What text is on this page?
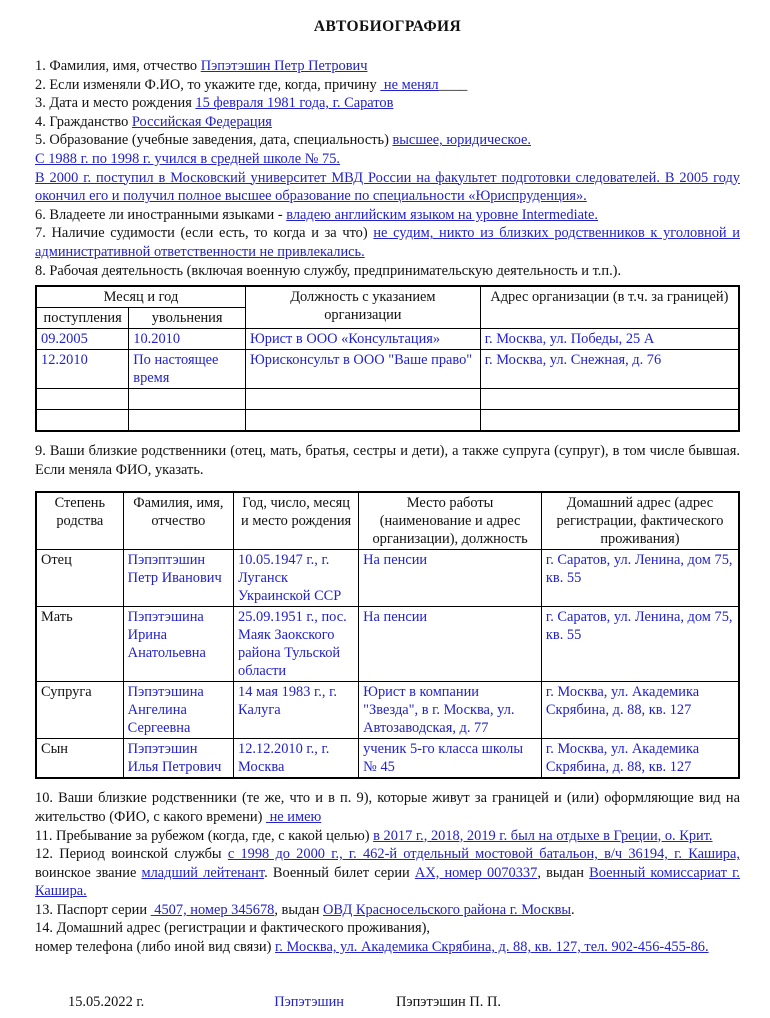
АВТОБИОГРАФИЯ

1. Фамилия, имя, отчество Пэпэтэшин Петр Петрович

2. Если изменяли Ф.ИО, то укажите где, когда, причину  не менял____

3. Дата и место рождения 15 февраля 1981 года, г. Саратов

4. Гражданство Российская Федерация

5. Образование (учебные заведения, дата, специальность) высшее, юридическое.

С 1988 г. по 1998 г. учился в средней школе № 75.

В 2000 г. поступил в Московский университет МВД России на факультет подготовки следователей. В 2005 году окончил его и получил полное высшее образование по специальности «Юриспруденция».

6. Владеете ли иностранными языками - владею английским языком на уровне Intermediate.

7. Наличие судимости (если есть, то когда и за что) не судим, никто из близких родственников к уголовной и административной ответственности не привлекались.

8. Рабочая деятельность (включая военную службу, предпринимательскую деятельность и т.п.).

Месяц и год		Должность с указанием организации	Адрес организации (в т.ч. за границей)
поступления	увольнения		
09.2005	10.2010	Юрист в ООО «Консультация»	г. Москва, ул. Победы, 25 А
12.2010	По настоящее время	Юрисконсульт в ООО "Ваше право"	г. Москва, ул. Снежная, д. 76

9. Ваши близкие родственники (отец, мать, братья, сестры и дети), а также супруга (супруг), в том числе бывшая. Если меняла ФИО, указать.

Степень родства	Фамилия, имя, отчество	Год, число, месяц и место рождения	Место работы (наименование и адрес организации), должность	Домашний адрес (адрес регистрации, фактического проживания)
Отец	Пэпэптэшин Петр Иванович	10.05.1947 г., г. Луганск Украинской ССР	На пенсии	г. Саратов, ул. Ленина, дом 75, кв. 55
Мать	Пэпэтэшина Ирина Анатольевна	25.09.1951 г., пос. Маяк Заокского района Тульской области	На пенсии	г. Саратов, ул. Ленина, дом 75, кв. 55
Супруга	Пэпэтэшина Ангелина Сергеевна	14 мая 1983 г., г. Калуга	Юрист в компании "Звезда", в г. Москва, ул. Автозаводская, д. 77	г. Москва, ул. Академика Скрябина, д. 88, кв. 127
Сын	Пэпэтэшин Илья Петрович	12.12.2010 г., г. Москва	ученик 5-го класса школы № 45	г. Москва, ул. Академика Скрябина, д. 88, кв. 127

10. Ваши близкие родственники (те же, что и в п. 9), которые живут за границей и (или) оформляющие вид на жительство (ФИО, с какого времени)  не имею

11. Пребывание за рубежом (когда, где, с какой целью) в 2017 г., 2018, 2019 г. был на отдыхе в Греции, о. Крит.

12. Период воинской службы с 1998 до 2000 г., г. 462-й отдельный мостовой батальон, в/ч 36194, г. Кашира, воинское звание младший лейтенант. Военный билет серии АХ, номер 0070337, выдан Военный комиссариат г. Кашира.

13. Паспорт серии  4507, номер 345678, выдан ОВД Красносельского района г. Москвы.

14. Домашний адрес (регистрации и фактического проживания),

номер телефона (либо иной вид связи) г. Москва, ул. Академика Скрябина, д. 88, кв. 127, тел. 902-456-455-86.

15.05.2022 г.	Пэпэтэшин	Пэпэтэшин П. П.
